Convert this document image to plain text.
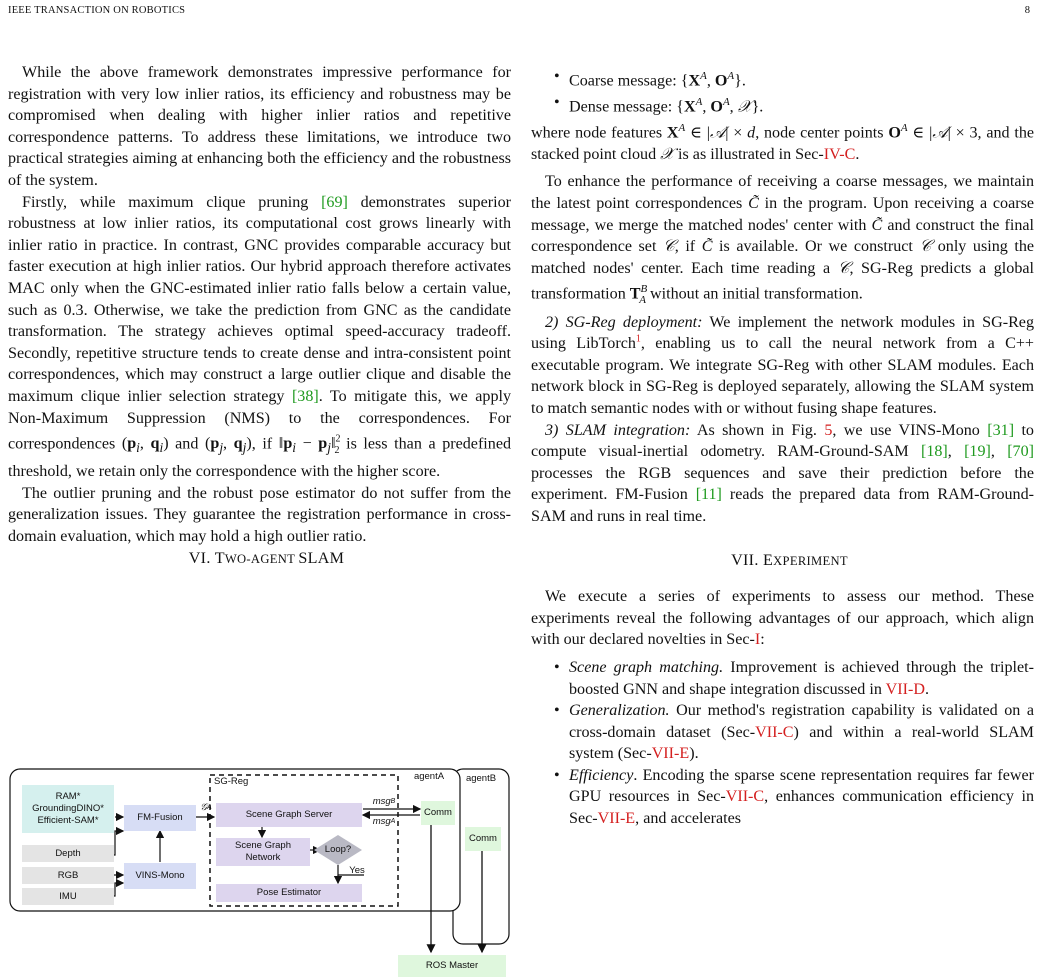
IEEE TRANSACTION ON ROBOTICS	8

While the above framework demonstrates impressive performance for registration with very low inlier ratios, its efficiency and robustness may be compromised when dealing with higher inlier ratios and repetitive correspondence patterns. To address these limitations, we introduce two practical strategies aiming at enhancing both the efficiency and the robustness of the system.

Firstly, while maximum clique pruning [69] demonstrates superior robustness at low inlier ratios, its computational cost grows linearly with inlier ratio in practice. In contrast, GNC provides comparable accuracy but faster execution at high inlier ratios. Our hybrid approach therefore activates MAC only when the GNC-estimated inlier ratio falls below a certain value, such as 0.3. Otherwise, we take the prediction from GNC as the candidate transformation. The strategy achieves optimal speed-accuracy tradeoff. Secondly, repetitive structure tends to create dense and intra-consistent point correspondences, which may construct a large outlier clique and disable the maximum clique inlier selection strategy [38]. To mitigate this, we apply Non-Maximum Suppression (NMS) to the correspondences. For correspondences ($p_i$, $q_i$) and ($p_j$, $q_j$), if $‖p_i$ − $p_j‖^2_2$ is less than a predefined threshold, we retain only the correspondence with the higher score.

The outlier pruning and the robust pose estimator do not suffer from the generalization issues. They guarantee the registration performance in cross-domain evaluation, which may hold a high outlier ratio.

VI. TWO-AGENT SLAM

RAM*
GroundingDINO*
Efficient-SAM*	FM-Fusion
Depth
RGB
IMU
VINS-Mono
SG-Reg
𝒢 A
Scene Graph Server
Scene Graph
Network
Loop?
Yes
Pose Estimator
agentA	agentB
msg B
msg A
Comm
Comm
ROS Master
• Coarse message: {$X^A$, $O^A$}.
• Dense message: {$X^A$, $O^A$, 𝒳}.

where node features $X^A$ ∈ |𝒜| × d, node center points $O^A$ ∈ |𝒜| × 3, and the stacked point cloud 𝒳 is as illustrated in Sec-IV-C.

To enhance the performance of receiving a coarse messages, we maintain the latest point correspondences C̃ in the program. Upon receiving a coarse message, we merge the matched nodes' center with C̃ and construct the final correspondence set 𝒞, if C̃ is available. Or we construct 𝒞 only using the matched nodes' center. Each time reading a 𝒞, SG-Reg predicts a global transformation $T^B_A$ without an initial transformation.

2) SG-Reg deployment: We implement the network modules in SG-Reg using LibTorch$^1$, enabling us to call the neural network from a C++ executable program. We integrate SG-Reg with other SLAM modules. Each network block in SG-Reg is deployed separately, allowing the SLAM system to match semantic nodes with or without fusing shape features.

3) SLAM integration: As shown in Fig. 5, we use VINS-Mono [31] to compute visual-inertial odometry. RAM-Ground-SAM [18], [19], [70] processes the RGB sequences and save their prediction before the experiment. FM-Fusion [11] reads the prepared data from RAM-Ground-SAM and runs in real time.

VII. EXPERIMENT

We execute a series of experiments to assess our method. These experiments reveal the following advantages of our approach, which align with our declared novelties in Sec-I:

• Scene graph matching. Improvement is achieved through the triplet-boosted GNN and shape integration discussed in VII-D.
• Generalization. Our method's registration capability is validated on a cross-domain dataset (Sec-VII-C) and within a real-world SLAM system (Sec-VII-E).
• Efficiency. Encoding the sparse scene representation requires far fewer GPU resources in Sec-VII-C, enhances communication efficiency in Sec-VII-E, and accelerates
